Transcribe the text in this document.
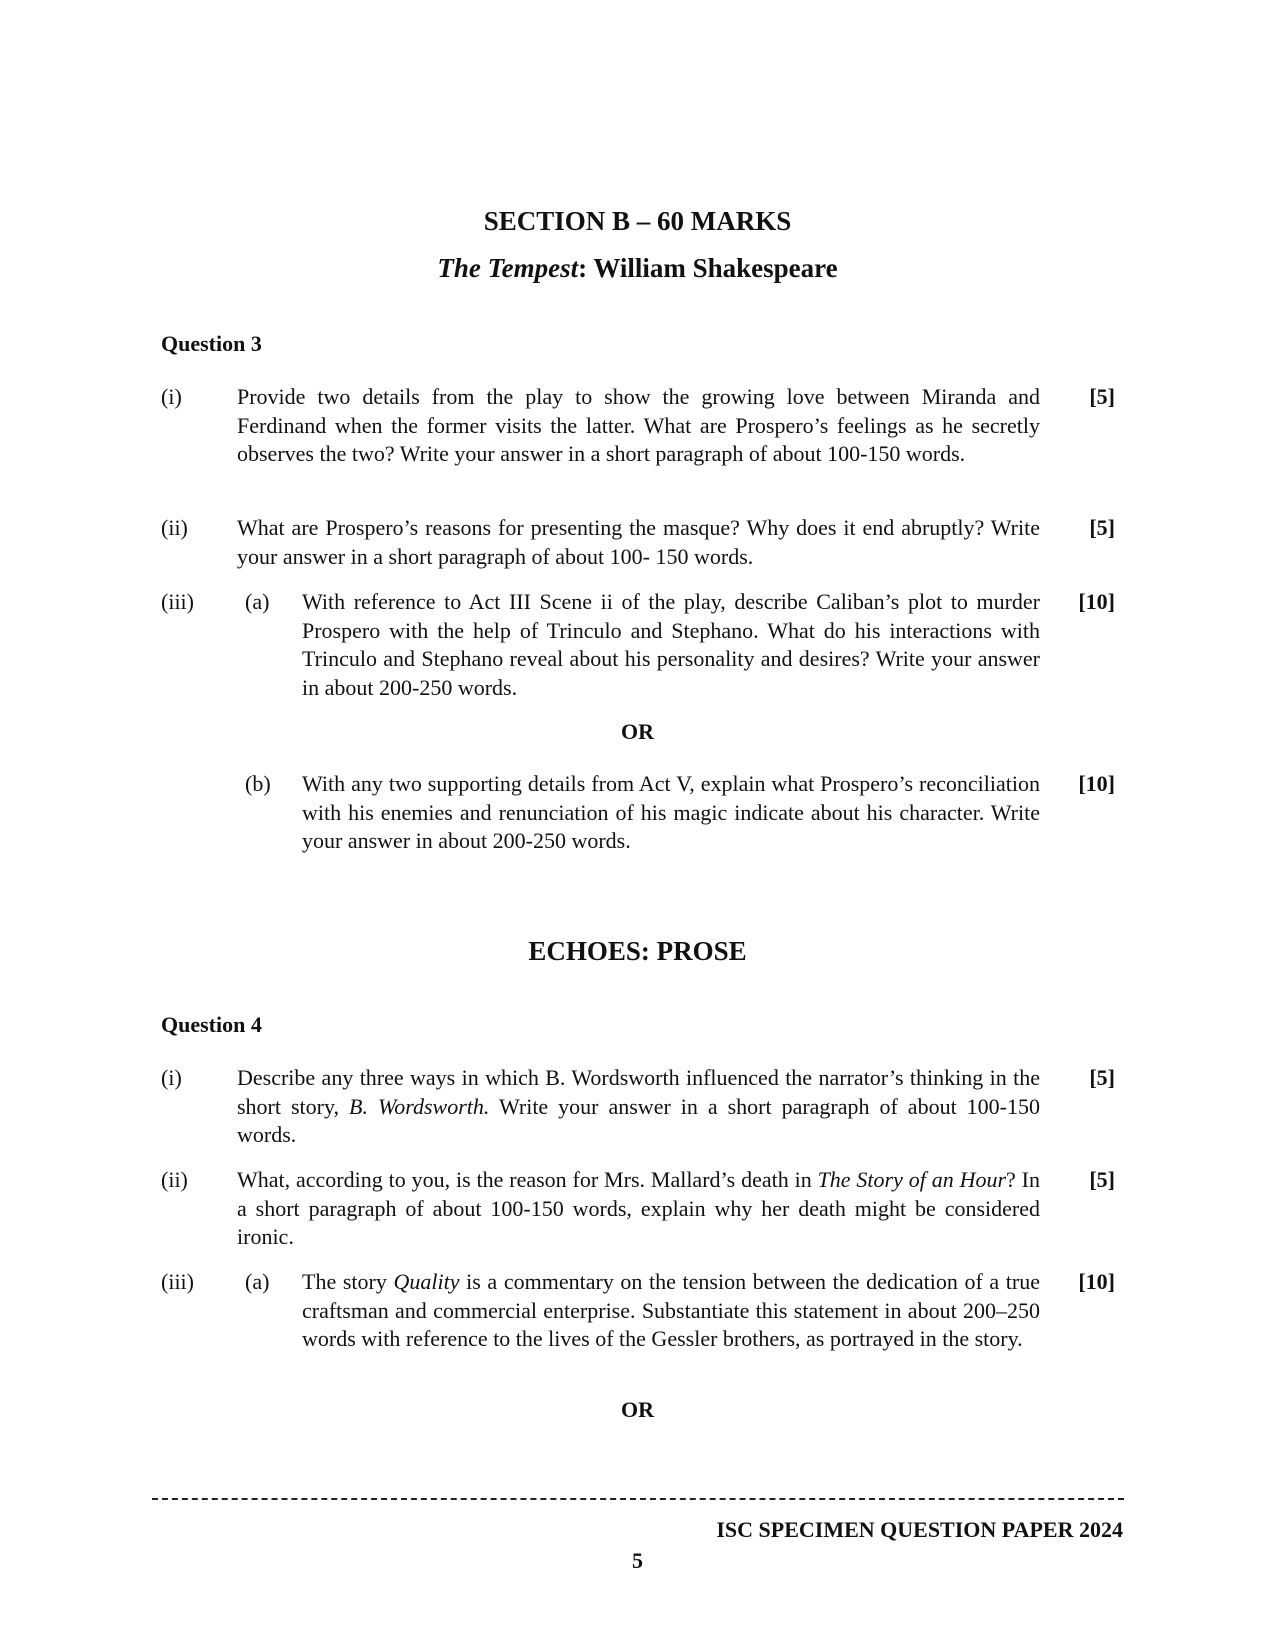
SECTION B – 60 MARKS
The Tempest: William Shakespeare
Question 3
(i)	Provide two details from the play to show the growing love between Miranda and Ferdinand when the former visits the latter. What are Prospero’s feelings as he secretly observes the two? Write your answer in a short paragraph of about 100-150 words.
[5]
(ii) What are Prospero’s reasons for presenting the masque? Why does it end abruptly? Write your answer in a short paragraph of about 100- 150 words.
[5]
(iii) (a) With reference to Act III Scene ii of the play, describe Caliban’s plot to murder Prospero with the help of Trinculo and Stephano. What do his interactions with Trinculo and Stephano reveal about his personality and desires? Write your answer in about 200-250 words.
[10]
OR
(b) With any two supporting details from Act V, explain what Prospero’s reconciliation with his enemies and renunciation of his magic indicate about his character. Write your answer in about 200-250 words.
[10]
ECHOES: PROSE
Question 4
(i)	Describe any three ways in which B. Wordsworth influenced the narrator’s thinking in the short story, B. Wordsworth. Write your answer in a short paragraph of about 100-150 words.
[5]
(ii) What, according to you, is the reason for Mrs. Mallard’s death in The Story of an Hour? In a short paragraph of about 100-150 words, explain why her death might be considered ironic.
[5]
(iii) (a) The story Quality is a commentary on the tension between the dedication of a true craftsman and commercial enterprise. Substantiate this statement in about 200–250 words with reference to the lives of the Gessler brothers, as portrayed in the story.
[10]
OR
ISC SPECIMEN QUESTION PAPER 2024
5
